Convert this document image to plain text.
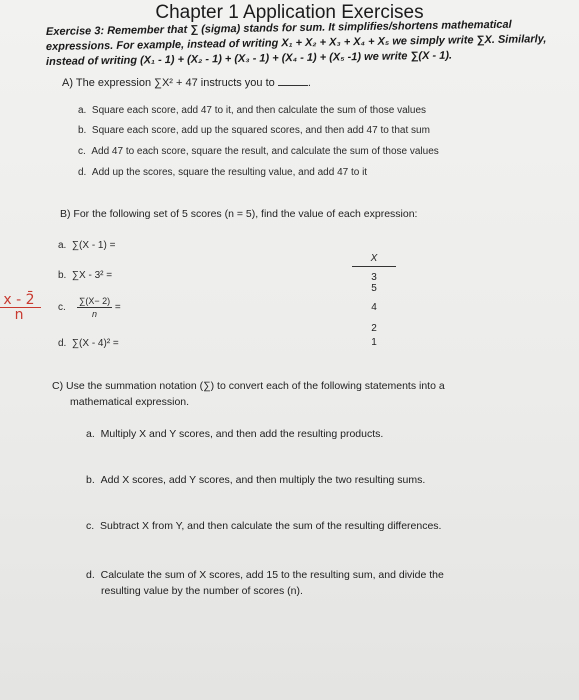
Chapter 1 Application Exercises
Exercise 3: Remember that ∑ (sigma) stands for sum. It simplifies/shortens mathematical
expressions. For example, instead of writing X₁ + X₂ + X₃ + X₄ + X₅ we simply write ∑X. Similarly,
instead of writing (X₁ - 1) + (X₂ - 1) + (X₃ - 1) + (X₄ - 1) + (X₅ -1) we write ∑(X - 1).
A) The expression ∑X² + 47 instructs you to	.
a. Square each score, add 47 to it, and then calculate the sum of those values
b. Square each score, add up the squared scores, and then add 47 to that sum
c. Add 47 to each score, square the result, and calculate the sum of those values
d. Add up the scores, square the resulting value, and add 47 to it
B) For the following set of 5 scores (n = 5), find the value of each expression:
a. ∑(X - 1) =
b. ∑X - 3² =
c. $\frac{\sum(X- 2)}{n}$ =
d. ∑(X - 4)² =
$\frac{x - 2̄̄}{n}$
X
3
5
4
2
1
C) Use the summation notation (∑) to convert each of the following statements into a
mathematical expression.
a. Multiply X and Y scores, and then add the resulting products.
b. Add X scores, add Y scores, and then multiply the two resulting sums.
c. Subtract X from Y, and then calculate the sum of the resulting differences.
d. Calculate the sum of X scores, add 15 to the resulting sum, and divide the
resulting value by the number of scores (n).
